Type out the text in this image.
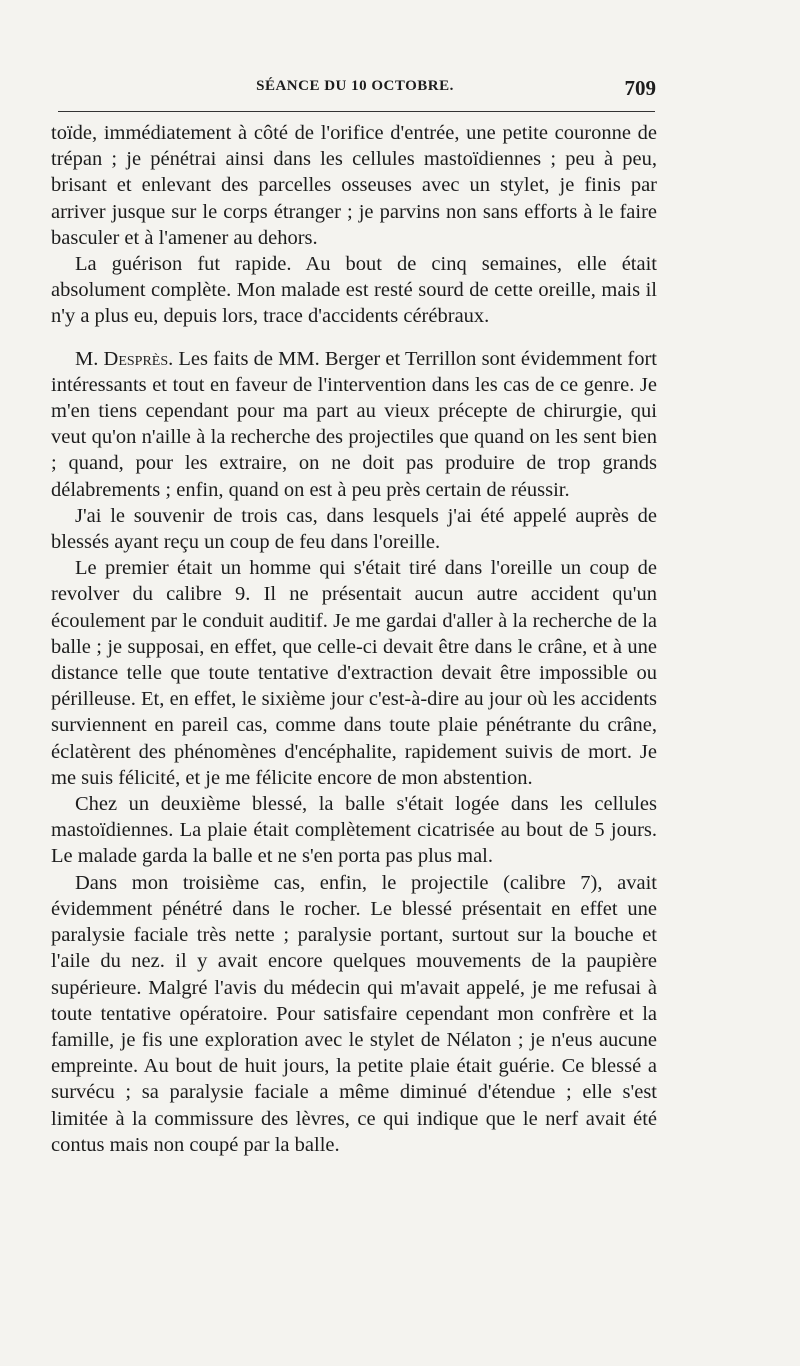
SÉANCE DU 10 OCTOBRE.	709

toïde, immédiatement à côté de l'orifice d'entrée, une petite couronne de trépan ; je pénétrai ainsi dans les cellules mastoïdiennes ; peu à peu, brisant et enlevant des parcelles osseuses avec un stylet, je finis par arriver jusque sur le corps étranger ; je parvins non sans efforts à le faire basculer et à l'amener au dehors.

La guérison fut rapide. Au bout de cinq semaines, elle était absolument complète. Mon malade est resté sourd de cette oreille, mais il n'y a plus eu, depuis lors, trace d'accidents cérébraux.

M. Desprès. Les faits de MM. Berger et Terrillon sont évidemment fort intéressants et tout en faveur de l'intervention dans les cas de ce genre. Je m'en tiens cependant pour ma part au vieux précepte de chirurgie, qui veut qu'on n'aille à la recherche des projectiles que quand on les sent bien ; quand, pour les extraire, on ne doit pas produire de trop grands délabrements ; enfin, quand on est à peu près certain de réussir.

J'ai le souvenir de trois cas, dans lesquels j'ai été appelé auprès de blessés ayant reçu un coup de feu dans l'oreille.

Le premier était un homme qui s'était tiré dans l'oreille un coup de revolver du calibre 9. Il ne présentait aucun autre accident qu'un écoulement par le conduit auditif. Je me gardai d'aller à la recherche de la balle ; je supposai, en effet, que celle-ci devait être dans le crâne, et à une distance telle que toute tentative d'extraction devait être impossible ou périlleuse. Et, en effet, le sixième jour c'est-à-dire au jour où les accidents surviennent en pareil cas, comme dans toute plaie pénétrante du crâne, éclatèrent des phénomènes d'encéphalite, rapidement suivis de mort. Je me suis félicité, et je me félicite encore de mon abstention.

Chez un deuxième blessé, la balle s'était logée dans les cellules mastoïdiennes. La plaie était complètement cicatrisée au bout de 5 jours. Le malade garda la balle et ne s'en porta pas plus mal.

Dans mon troisième cas, enfin, le projectile (calibre 7), avait évidemment pénétré dans le rocher. Le blessé présentait en effet une paralysie faciale très nette ; paralysie portant, surtout sur la bouche et l'aile du nez. il y avait encore quelques mouvements de la paupière supérieure. Malgré l'avis du médecin qui m'avait appelé, je me refusai à toute tentative opératoire. Pour satisfaire cependant mon confrère et la famille, je fis une exploration avec le stylet de Nélaton ; je n'eus aucune empreinte. Au bout de huit jours, la petite plaie était guérie. Ce blessé a survécu ; sa paralysie faciale a même diminué d'étendue ; elle s'est limitée à la commissure des lèvres, ce qui indique que le nerf avait été contus mais non coupé par la balle.
